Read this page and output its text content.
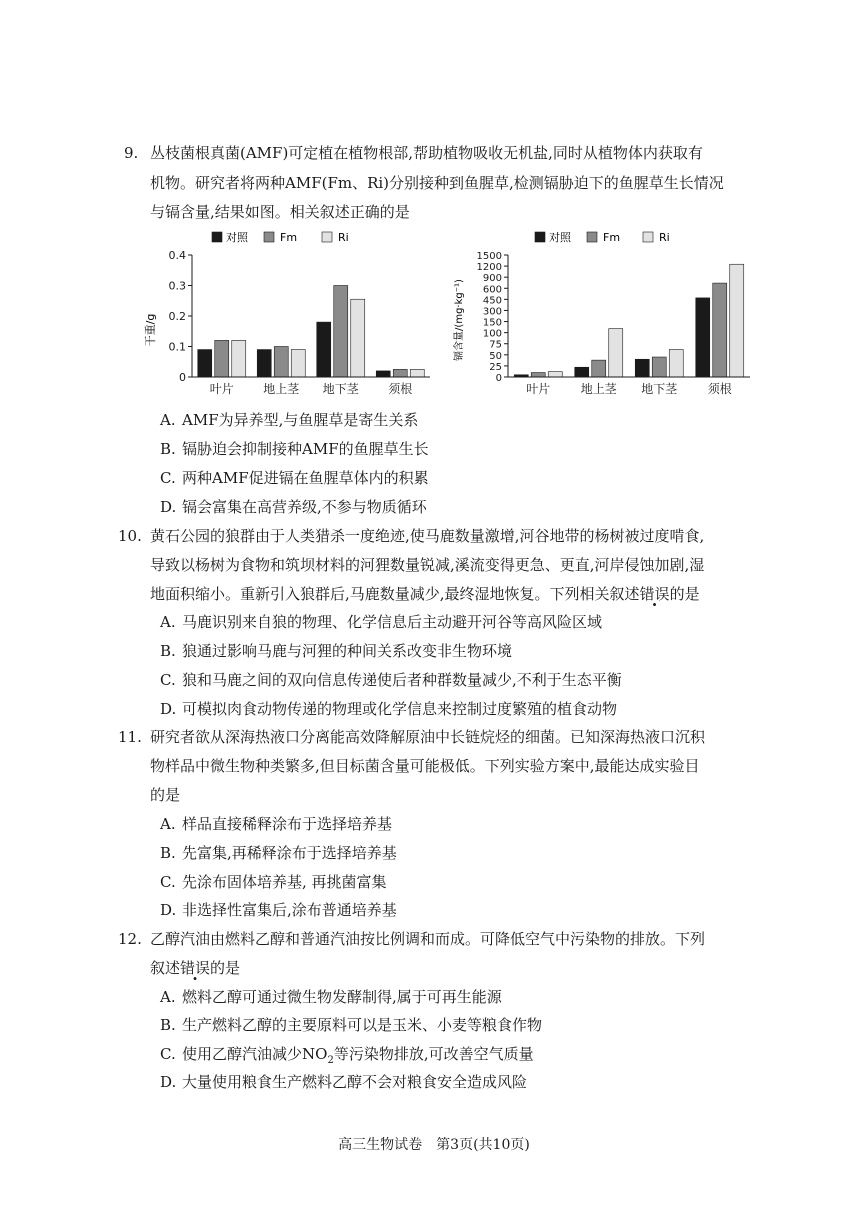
9. 丛枝菌根真菌(AMF)可定植在植物根部,帮助植物吸收无机盐,同时从植物体内获取有
机物。研究者将两种AMF(Fm、Ri)分别接种到鱼腥草,检测镉胁迫下的鱼腥草生长情况
与镉含量,结果如图。相关叙述正确的是
对照	Fm	Ri
干重/g
0
0.1
0.2
0.3
0.4
叶片 地上茎 地下茎 须根
对照	Fm	Ri
镉含量/(mg·kg⁻¹)
0
25
50
75
100
150
300
450
600
900
1200
1500
叶片	地上茎 地下茎	须根
A. AMF为异养型,与鱼腥草是寄生关系
B. 镉胁迫会抑制接种AMF的鱼腥草生长
C. 两种AMF促进镉在鱼腥草体内的积累
D. 镉会富集在高营养级,不参与物质循环
10. 黄石公园的狼群由于人类猎杀一度绝迹,使马鹿数量激增,河谷地带的杨树被过度啃食,
导致以杨树为食物和筑坝材料的河狸数量锐减,溪流变得更急、更直,河岸侵蚀加剧,湿
地面积缩小。重新引入狼群后,马鹿数量减少,最终湿地恢复。下列相关叙述错误的是
A. 马鹿识别来自狼的物理、化学信息后主动避开河谷等高风险区域
B. 狼通过影响马鹿与河狸的种间关系改变非生物环境
C. 狼和马鹿之间的双向信息传递使后者种群数量减少,不利于生态平衡
D. 可模拟肉食动物传递的物理或化学信息来控制过度繁殖的植食动物
11. 研究者欲从深海热液口分离能高效降解原油中长链烷烃的细菌。已知深海热液口沉积
物样品中微生物种类繁多,但目标菌含量可能极低。下列实验方案中,最能达成实验目
的是
A. 样品直接稀释涂布于选择培养基
B. 先富集,再稀释涂布于选择培养基
C. 先涂布固体培养基, 再挑菌富集
D. 非选择性富集后,涂布普通培养基
12. 乙醇汽油由燃料乙醇和普通汽油按比例调和而成。可降低空气中污染物的排放。下列
叙述错误的是
A. 燃料乙醇可通过微生物发酵制得,属于可再生能源
B. 生产燃料乙醇的主要原料可以是玉米、小麦等粮食作物
C. 使用乙醇汽油减少$NO_2$等污染物排放,可改善空气质量
D. 大量使用粮食生产燃料乙醇不会对粮食安全造成风险
高三生物试卷　第3页(共10页)
